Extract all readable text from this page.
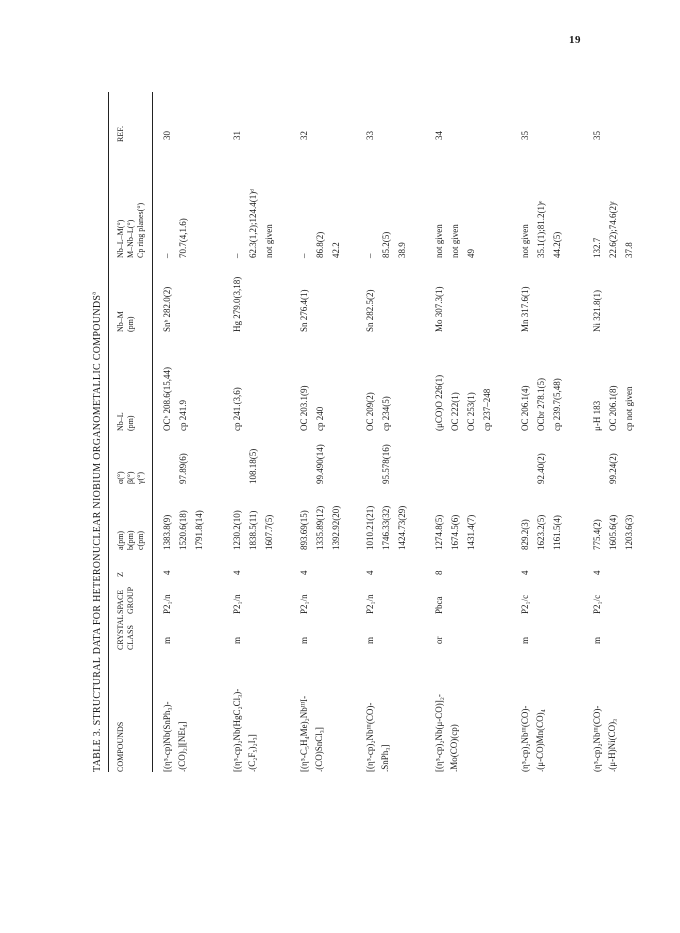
19
TABLE 3. STRUCTURAL DATA FOR HETERONUCLEAR NIOBIUM ORGANOMETALLIC COMPOUNDS$^a$
COMPOUNDS
CRYSTAL
CLASS
SPACE
GROUP
Z
a(pm)
b(pm)
c(pm)
α(°)
β(°)
γ(°)
Nb–L
(pm)
Nb–M
(pm)
Nb–L–M(°)
M–Nb–L(°)
Cp ring planes(°)
REF.
[(η⁵-cp)Nb(SnPh₃)- .(CO)₂][NEt₄]
m
P2₁/n
4
1383.8(9) 1520.6(18) 1791.8(14)
97.89(6)
OCᵇ 208.6(15,44) cp 241.9
Snᵇ 282.0(2)
– 70.7(4,1.6)
30
[(η⁵-cp)₂Nb(HgC₂Cl₃)- .(C₂F₅)₂I₃]
m
P2₁/n
4
1230.2(10) 1838.5(11) 1607.7(5)
108.18(5)
cp 241.(3,6)
Hg 279.0(3,18)
– 62.3(1,2);124.4(1)ᵈ not given
31
[(η⁵-C₅H₄Me)₂NbᴵᴵᴵI- .(CO)SnCl₃]
m
P2₁/n
4
893.69(15) 1335.89(12) 1392.92(20)
99.490(14)
OC 203.1(9) cp 240
Sn 276.4(1)
– 86.8(2) 42.2
32
[(η⁵-cp)₂Nbᴵᴵᴵ(CO)- .SnPh₃]
m
P2₁/n
4
1010.21(21) 1746.33(32) 1424.73(29)
95.578(16)
OC 209(2) cp 234(5)
Sn 282.5(2)
– 85.2(5) 38.9
33
[(η⁵-cp)₂Nb(μ-CO)]₂- .Mo(CO)(cp)
or
Pbca
8
1274.8(5) 1674.5(6) 1431.4(7)
(μCO)O 226(1) OC 222(1) OC 253(1) cp 237–248
Mo 307.3(1)
not given not given 49
34
(η⁵-cp)₂Nbᴵᴵᴵ(CO)- .(μ-CO)Mn(CO)₄
m
P2₁/c
4
829.2(3) 1623.2(5) 1161.5(4)
92.40(2)
OC 206.1(4) OCbr 278.1(5) cp 239.7(5,48)
Mn 317.6(1)
not given 35.1(1);81.2(1)ᵉ 44.2(5)
35
(η⁵-cp)₂Nbᴵᴵᴵ(CO)- .(μ-H)Ni(CO)₃
m
P2₁/c
4
775.4(2) 1605.6(4) 1203.6(3)
99.24(2)
μ-H 183 OC 206.1(8) cp not given
Ni 321.8(1)
132.7 22.6(2);74.6(2)ᶠ 37.8
35
